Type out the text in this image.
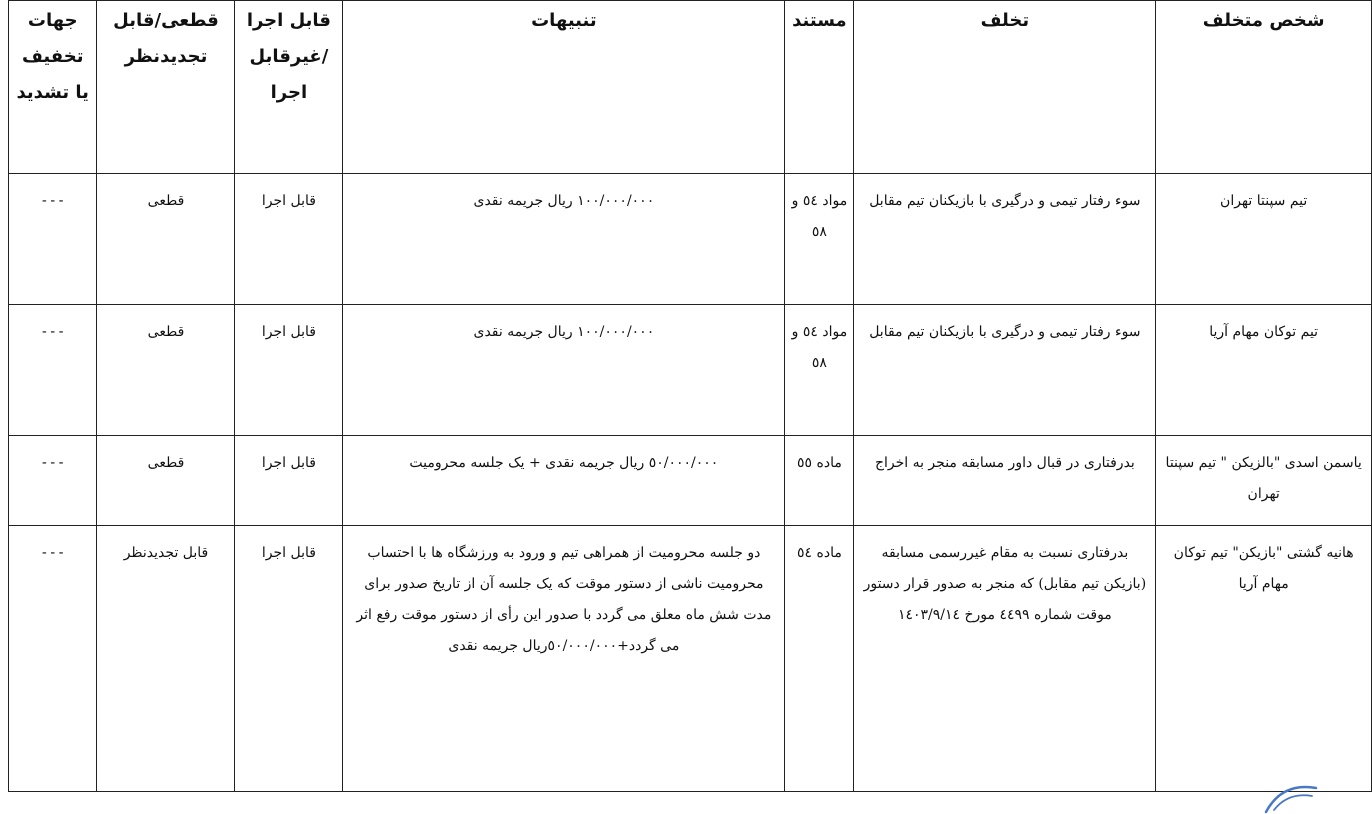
شخص متخلف	تخلف	مستند	تنبیهات	قابل اجرا /غیرقابل اجرا	قطعی/قابل تجدیدنظر	جهات تخفیف یا تشدید
تیم سپنتا تهران	سوء رفتار تیمی و درگیری با بازیکنان تیم مقابل	مواد ٥٤ و ٥٨	١٠٠/٠٠٠/٠٠٠ ریال جریمه نقدی	قابل اجرا	قطعی	---
تیم توکان مهام آریا	سوء رفتار تیمی و درگیری با بازیکنان تیم مقابل	مواد ٥٤ و ٥٨	١٠٠/٠٠٠/٠٠٠ ریال جریمه نقدی	قابل اجرا	قطعی	---
یاسمن اسدی "بالزیکن " تیم سپنتا تهران	بدرفتاری در قبال داور مسابقه منجر به اخراج	ماده ٥٥	٥٠/٠٠٠/٠٠٠ ریال جریمه نقدی + یک جلسه محرومیت	قابل اجرا	قطعی	---
هانیه گشتی "بازیکن" تیم توکان مهام آریا	بدرفتاری نسبت به مقام غیررسمی مسابقه (بازیکن تیم مقابل) که منجر به صدور قرار دستور موقت شماره ٤٤٩٩ مورخ ١٤٠٣/٩/١٤	ماده ٥٤	دو جلسه محرومیت از همراهی تیم و ورود به ورزشگاه ها با احتساب محرومیت ناشی از دستور موقت که یک جلسه آن از تاریخ صدور برای مدت شش ماه معلق می گردد با صدور این رأی از دستور موقت رفع اثر می گردد+٥٠/٠٠٠/٠٠٠ریال جریمه نقدی	قابل اجرا	قابل تجدیدنظر	---
